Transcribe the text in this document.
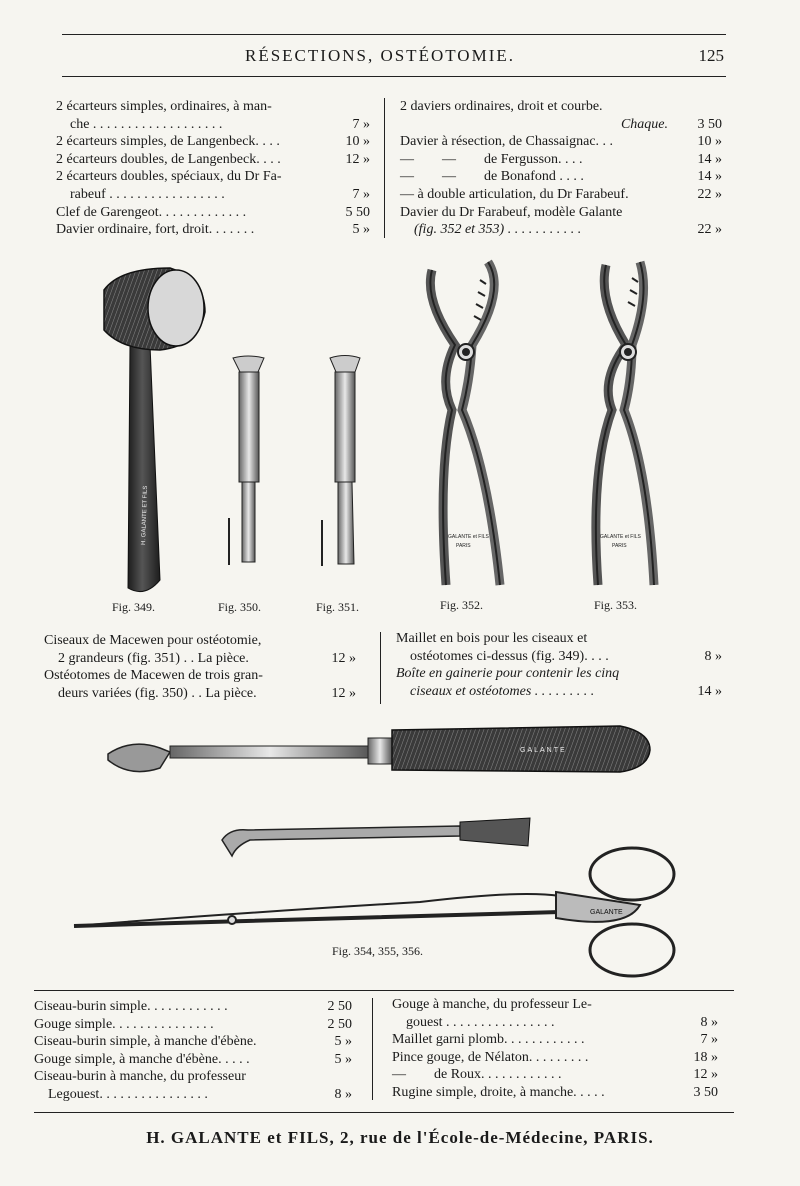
RÉSECTIONS, OSTÉOTOMIE.	125
2 écarteurs simples, ordinaires, à man-
che . . . . . . . . . . . . . . . . . . .	7 »
2 écarteurs simples, de Langenbeck. . . .	10 »
2 écarteurs doubles, de Langenbeck. . . .	12 »
2 écarteurs doubles, spéciaux, du Dr Fa-
rabeuf . . . . . . . . . . . . . . . . .	7 »
Clef de Garengeot. . . . . . . . . . . . .	5 50
Davier ordinaire, fort, droit. . . . . . .	5 »
2 daviers ordinaires, droit et courbe.
Chaque. 3 50
Davier à résection, de Chassaignac. . .	10 »
—        —        de Fergusson. . . .	14 »
—        —        de Bonafond . . . .	14 »
— à double articulation, du Dr Farabeuf.	22 »
Davier du Dr Farabeuf, modèle Galante
(fig. 352 et 353) . . . . . . . . . . .	22 »
H. GALANTE ET FILS	GALANTE et FILS
PARIS
GALANTE et FILS
PARIS
Fig. 349.	Fig. 350.	Fig. 351.	Fig. 352.	Fig. 353.
Ciseaux de Macewen pour ostéotomie,
2 grandeurs (fig. 351) . . La pièce.	12 »
Ostéotomes de Macewen de trois gran-
deurs variées (fig. 350) . . La pièce.	12 »
Maillet en bois pour les ciseaux et
ostéotomes ci-dessus (fig. 349). . . .	8 »
Boîte en gainerie pour contenir les cinq
ciseaux et ostéotomes . . . . . . . . .	14 »
GALANTE
GALANTE
Fig. 354, 355, 356.
Ciseau-burin simple. . . . . . . . . . . .	2 50
Gouge simple. . . . . . . . . . . . . . .	2 50
Ciseau-burin simple, à manche d'ébène.	5 »
Gouge simple, à manche d'ébène. . . . .	5 »
Ciseau-burin à manche, du professeur
Legouest. . . . . . . . . . . . . . . .	8 »
Gouge à manche, du professeur Le-
gouest . . . . . . . . . . . . . . . .	8 »
Maillet garni plomb. . . . . . . . . . . .	7 »
Pince gouge, de Nélaton. . . . . . . . .	18 »
—        de Roux. . . . . . . . . . . .	12 »
Rugine simple, droite, à manche. . . . .	3 50
H. GALANTE et FILS, 2, rue de l'École-de-Médecine, PARIS.
